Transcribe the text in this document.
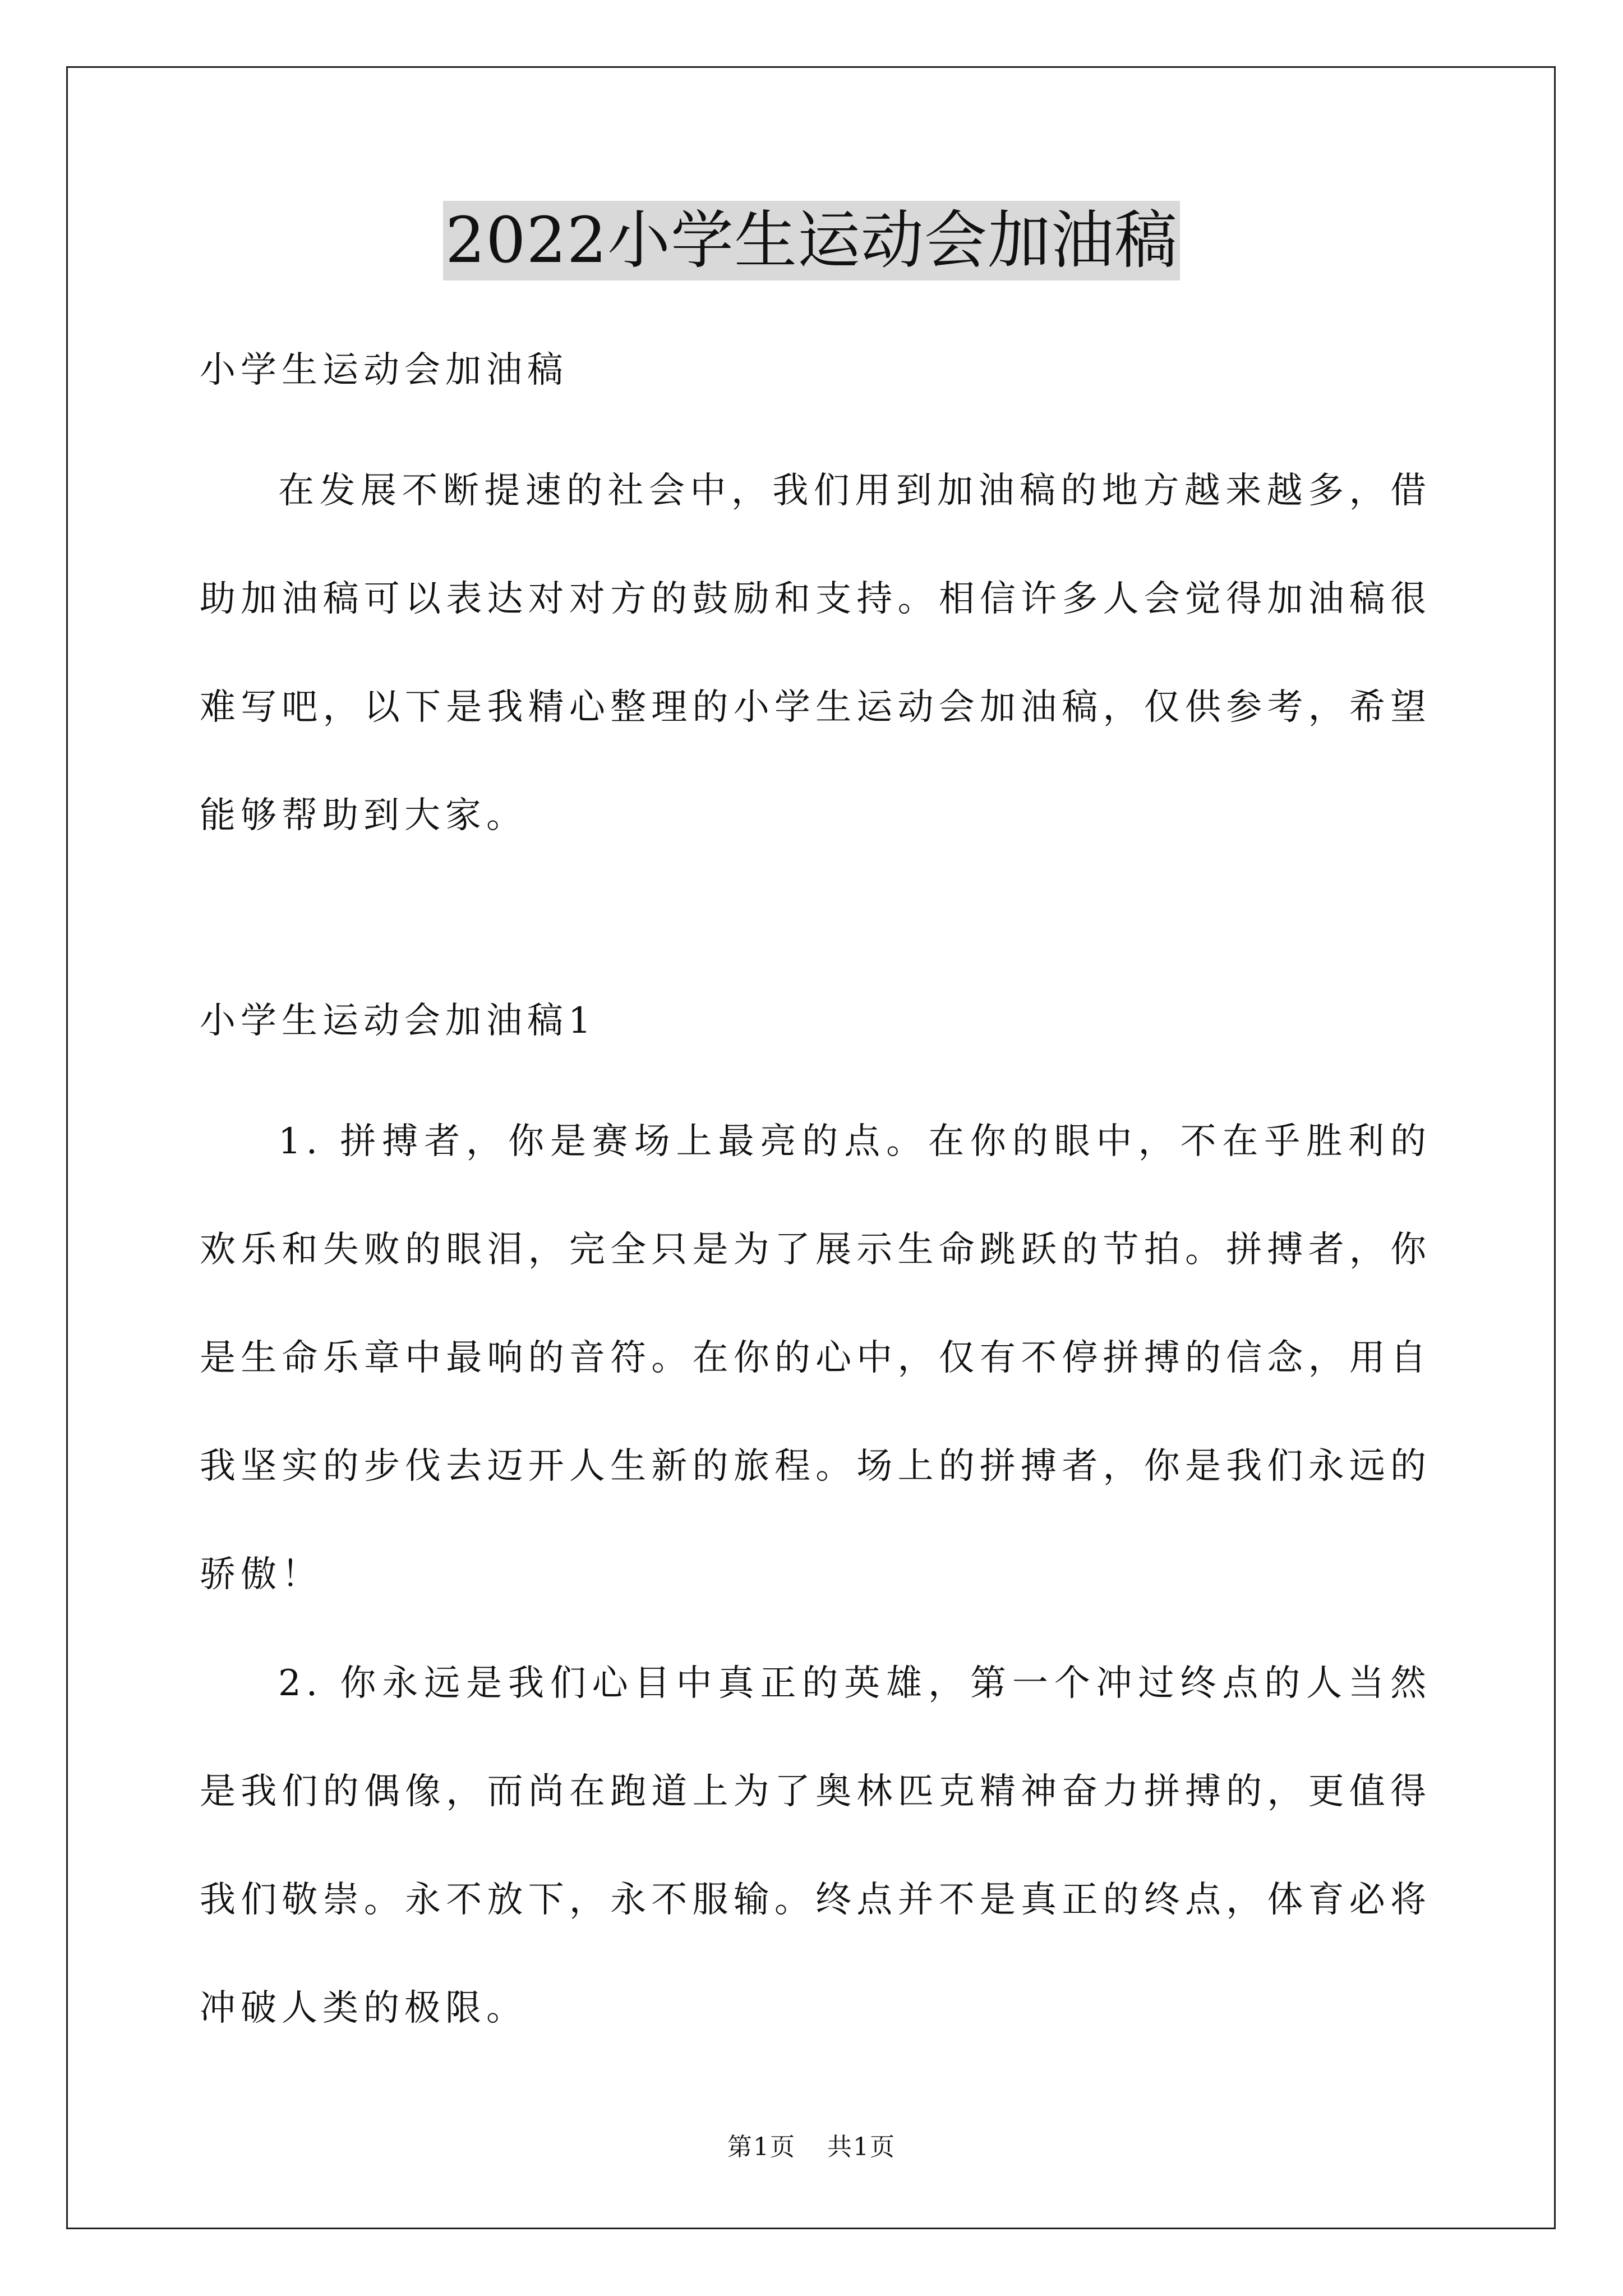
2022小学生运动会加油稿

小学生运动会加油稿

在发展不断提速的社会中，我们用到加油稿的地方越来越多，借助加油稿可以表达对对方的鼓励和支持。相信许多人会觉得加油稿很难写吧，以下是我精心整理的小学生运动会加油稿，仅供参考，希望能够帮助到大家。

小学生运动会加油稿1

1. 拼搏者，你是赛场上最亮的点。在你的眼中，不在乎胜利的欢乐和失败的眼泪，完全只是为了展示生命跳跃的节拍。拼搏者，你是生命乐章中最响的音符。在你的心中，仅有不停拼搏的信念，用自我坚实的步伐去迈开人生新的旅程。场上的拼搏者，你是我们永远的骄傲！

2. 你永远是我们心目中真正的英雄，第一个冲过终点的人当然是我们的偶像，而尚在跑道上为了奥林匹克精神奋力拼搏的，更值得我们敬崇。永不放下，永不服输。终点并不是真正的终点，体育必将冲破人类的极限。

第1页 共1页
